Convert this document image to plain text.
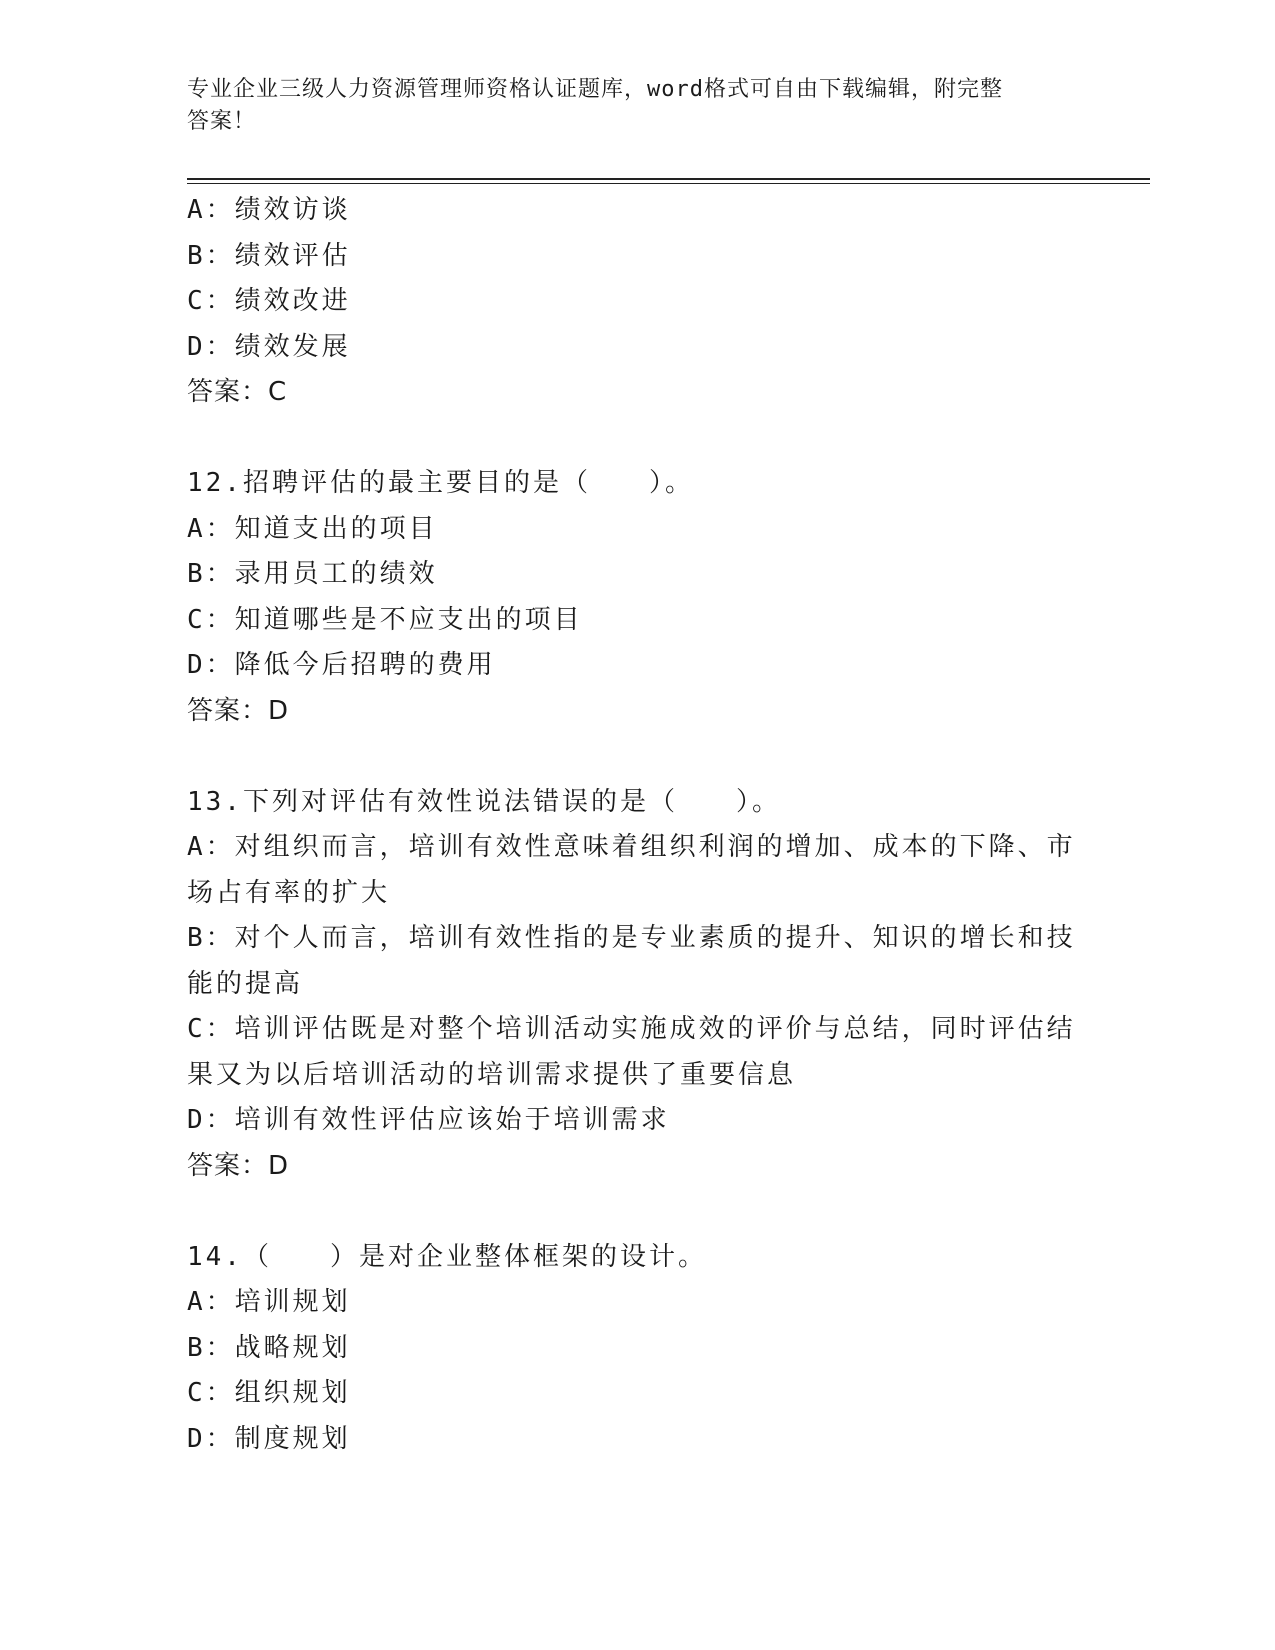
专业企业三级人力资源管理师资格认证题库，word格式可自由下载编辑，附完整
答案！
A：绩效访谈
B：绩效评估
C：绩效改进
D：绩效发展
答案：C
12.招聘评估的最主要目的是（　　）。
A：知道支出的项目
B：录用员工的绩效
C：知道哪些是不应支出的项目
D：降低今后招聘的费用
答案：D
13.下列对评估有效性说法错误的是（　　）。
A：对组织而言，培训有效性意味着组织利润的增加、成本的下降、市场占有率的扩大
B：对个人而言，培训有效性指的是专业素质的提升、知识的增长和技能的提高
C：培训评估既是对整个培训活动实施成效的评价与总结，同时评估结果又为以后培训活动的培训需求提供了重要信息
D：培训有效性评估应该始于培训需求
答案：D
14.（　　）是对企业整体框架的设计。
A：培训规划
B：战略规划
C：组织规划
D：制度规划
